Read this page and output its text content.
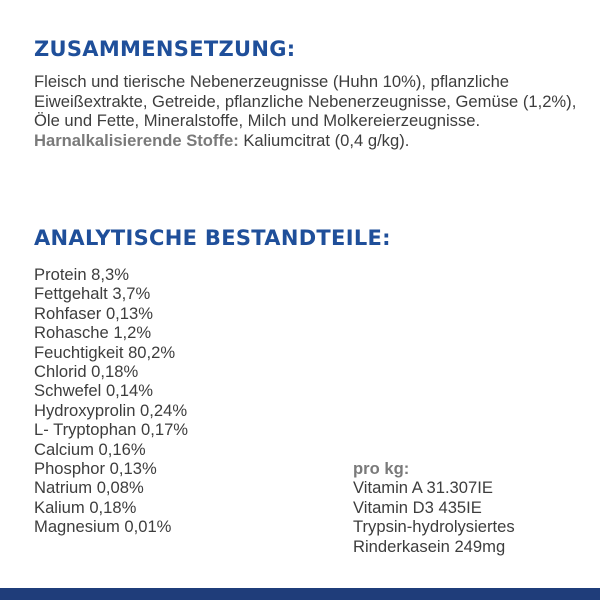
ZUSAMMENSETZUNG:
Fleisch und tierische Nebenerzeugnisse (Huhn 10%), pflanzliche Eiweißextrakte, Getreide, pflanzliche Nebenerzeugnisse, Gemüse (1,2%), Öle und Fette, Mineralstoffe, Milch und Molkereierzeugnisse.
Harnalkalisierende Stoffe: Kaliumcitrat (0,4 g/kg).
ANALYTISCHE BESTANDTEILE:
Protein 8,3%
Fettgehalt 3,7%
Rohfaser 0,13%
Rohasche 1,2%
Feuchtigkeit 80,2%
Chlorid 0,18%
Schwefel 0,14%
Hydroxyprolin 0,24%
L- Tryptophan 0,17%
Calcium 0,16%
Phosphor 0,13%
Natrium 0,08%
Kalium 0,18%
Magnesium 0,01%
pro kg:
Vitamin A 31.307IE
Vitamin D3 435IE
Trypsin-hydrolysiertes
Rinderkasein 249mg
